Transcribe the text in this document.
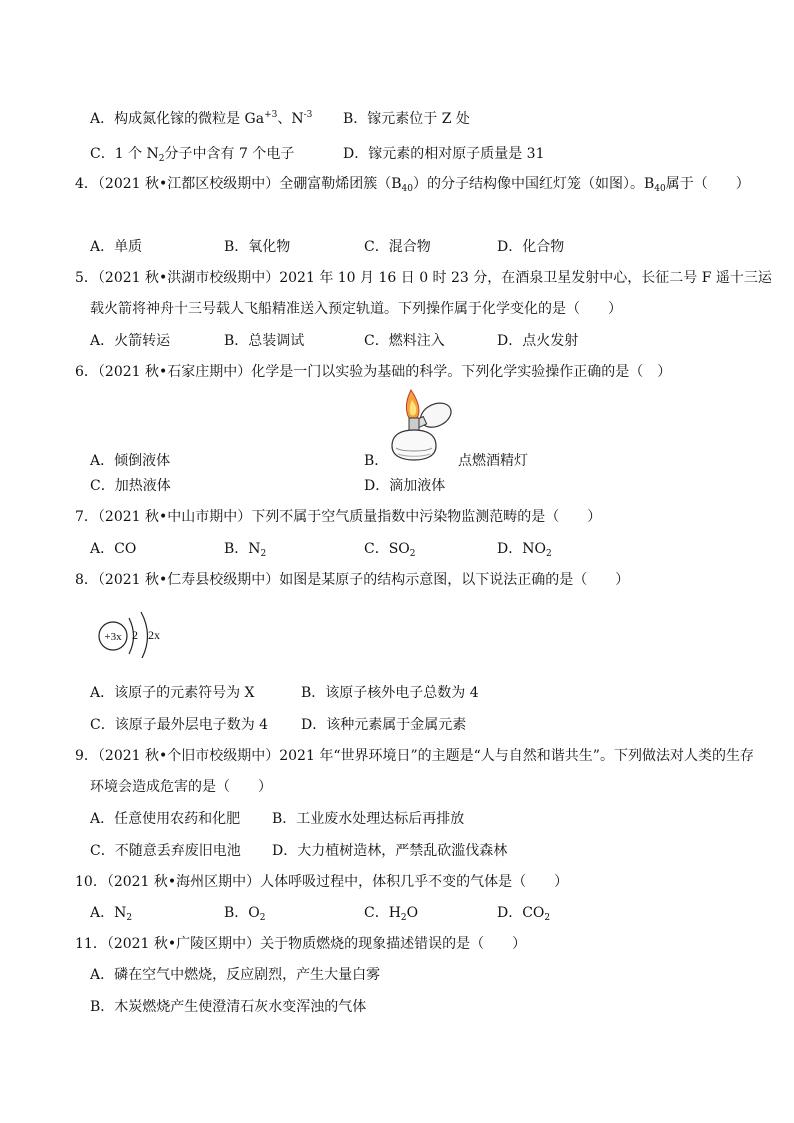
A．构成氮化镓的微粒是 $Ga^{+3}$、$N^{-3}$ B．镓元素位于 Z 处
C．1 个 $N_2$分子中含有 7 个电子	D．镓元素的相对原子质量是 31
4．（2021 秋•江都区校级期中）全硼富勒烯团簇$(B_{40})$的分子结构像中国红灯笼（如图）。$B_{40}$属于（　　）
A．单质	B．氧化物	C．混合物	D．化合物
5．（2021 秋•洪湖市校级期中）2021 年 10 月 16 日 0 时 23 分，在酒泉卫星发射中心，长征二号 F 遥十三运
载火箭将神舟十三号载人飞船精准送入预定轨道。下列操作属于化学变化的是（　　）
A．火箭转运	B．总装调试	C．燃料注入	D．点火发射
6．（2021 秋•石家庄期中）化学是一门以实验为基础的科学。下列化学实验操作正确的是（　）
A．倾倒液体	B．	点燃酒精灯
C．加热液体	D．滴加液体
7．（2021 秋•中山市期中）下列不属于空气质量指数中污染物监测范畴的是（　　）
A．CO	B．$N_2$	C．$SO_2$	D．$NO_2$
8．（2021 秋•仁寿县校级期中）如图是某原子的结构示意图，以下说法正确的是（　　）
+3x 2 2x
A．该原子的元素符号为 X	B．该原子核外电子总数为 4
C．该原子最外层电子数为 4 D．该种元素属于金属元素
9．（2021 秋•个旧市校级期中）2021 年“世界环境日”的主题是“人与自然和谐共生”。下列做法对人类的生存
环境会造成危害的是（　　）
A．任意使用农药和化肥 B．工业废水处理达标后再排放
C．不随意丢弃废旧电池 D．大力植树造林，严禁乱砍滥伐森林
10．（2021 秋•海州区期中）人体呼吸过程中，体积几乎不变的气体是（　　）
A．$N_2$	B．$O_2$	C．$H_2O$	D．$CO_2$
11．（2021 秋•广陵区期中）关于物质燃烧的现象描述错误的是（　　）
A．磷在空气中燃烧，反应剧烈，产生大量白雾
B．木炭燃烧产生使澄清石灰水变浑浊的气体
